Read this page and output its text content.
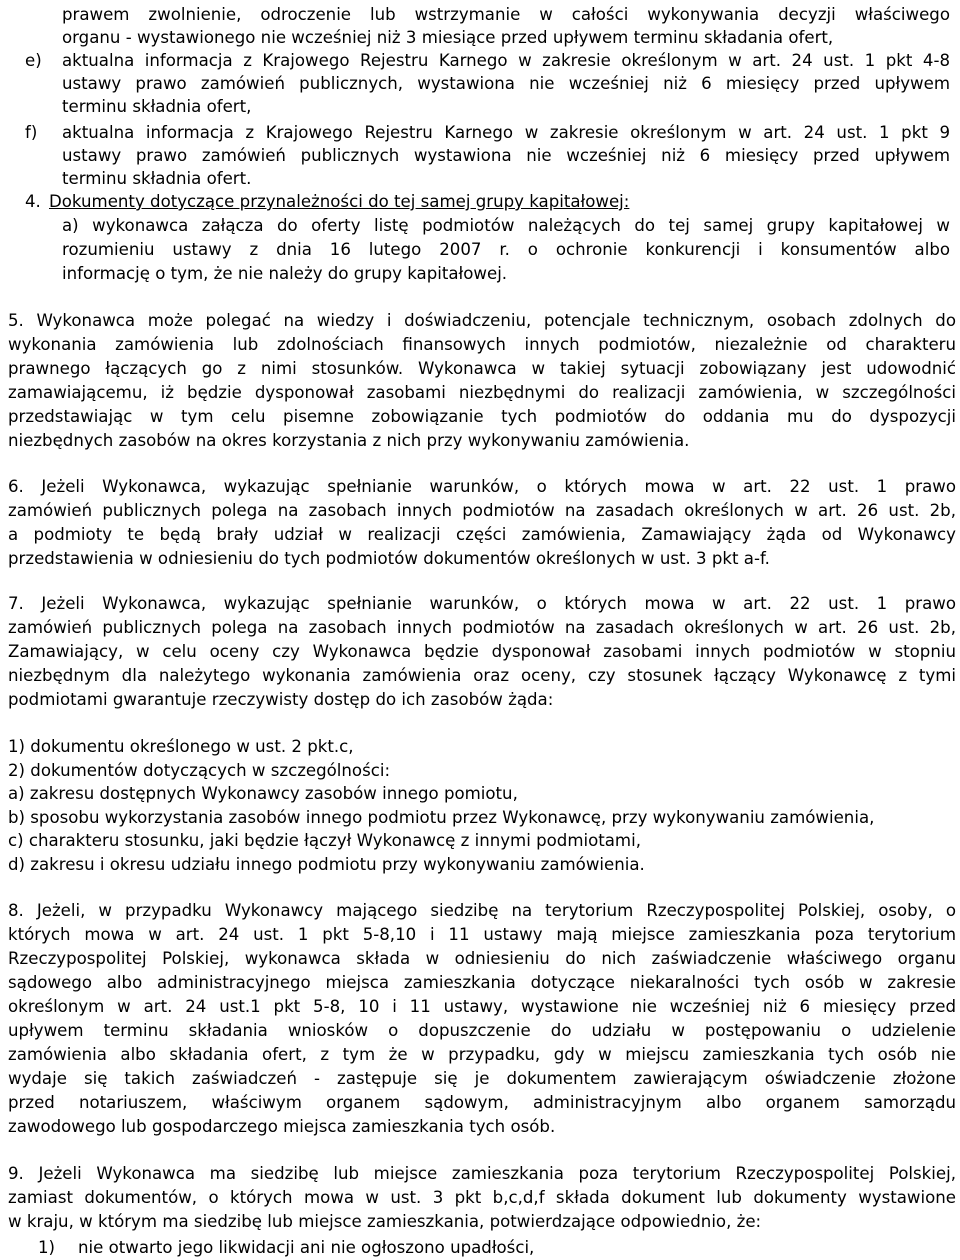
prawem zwolnienie, odroczenie lub wstrzymanie w całości wykonywania decyzji właściwego
organu - wystawionego nie wcześniej niż 3 miesiące przed upływem terminu składania ofert,
e) aktualna informacja z Krajowego Rejestru Karnego w zakresie określonym w art. 24 ust. 1 pkt 4-8
ustawy prawo zamówień publicznych, wystawiona nie wcześniej niż 6 miesięcy przed upływem
terminu składnia ofert,
f) aktualna informacja z Krajowego Rejestru Karnego w zakresie określonym w art. 24 ust. 1 pkt 9
ustawy prawo zamówień publicznych wystawiona nie wcześniej niż 6 miesięcy przed upływem
terminu składnia ofert.
4. Dokumenty dotyczące przynależności do tej samej grupy kapitałowej:
a) wykonawca załącza do oferty listę podmiotów należących do tej samej grupy kapitałowej w
rozumieniu ustawy z dnia 16 lutego 2007 r. o ochronie konkurencji i konsumentów albo
informację o tym, że nie należy do grupy kapitałowej.
5. Wykonawca może polegać na wiedzy i doświadczeniu, potencjale technicznym, osobach zdolnych do
wykonania zamówienia lub zdolnościach finansowych innych podmiotów, niezależnie od charakteru
prawnego łączących go z nimi stosunków. Wykonawca w takiej sytuacji zobowiązany jest udowodnić
zamawiającemu, iż będzie dysponował zasobami niezbędnymi do realizacji zamówienia, w szczególności
przedstawiając w tym celu pisemne zobowiązanie tych podmiotów do oddania mu do dyspozycji
niezbędnych zasobów na okres korzystania z nich przy wykonywaniu zamówienia.
6. Jeżeli Wykonawca, wykazując spełnianie warunków, o których mowa w art. 22 ust. 1 prawo
zamówień publicznych polega na zasobach innych podmiotów na zasadach określonych w art. 26 ust. 2b,
a podmioty te będą brały udział w realizacji części zamówienia, Zamawiający żąda od Wykonawcy
przedstawienia w odniesieniu do tych podmiotów dokumentów określonych w ust. 3 pkt a-f.
7. Jeżeli Wykonawca, wykazując spełnianie warunków, o których mowa w art. 22 ust. 1 prawo
zamówień publicznych polega na zasobach innych podmiotów na zasadach określonych w art. 26 ust. 2b,
Zamawiający, w celu oceny czy Wykonawca będzie dysponował zasobami innych podmiotów w stopniu
niezbędnym dla należytego wykonania zamówienia oraz oceny, czy stosunek łączący Wykonawcę z tymi
podmiotami gwarantuje rzeczywisty dostęp do ich zasobów żąda:
1) dokumentu określonego w ust. 2 pkt.c,
2) dokumentów dotyczących w szczególności:
a) zakresu dostępnych Wykonawcy zasobów innego pomiotu,
b) sposobu wykorzystania zasobów innego podmiotu przez Wykonawcę, przy wykonywaniu zamówienia,
c) charakteru stosunku, jaki będzie łączył Wykonawcę z innymi podmiotami,
d) zakresu i okresu udziału innego podmiotu przy wykonywaniu zamówienia.
8. Jeżeli, w przypadku Wykonawcy mającego siedzibę na terytorium Rzeczypospolitej Polskiej, osoby, o
których mowa w art. 24 ust. 1 pkt 5-8,10 i 11 ustawy mają miejsce zamieszkania poza terytorium
Rzeczypospolitej Polskiej, wykonawca składa w odniesieniu do nich zaświadczenie właściwego organu
sądowego albo administracyjnego miejsca zamieszkania dotyczące niekaralności tych osób w zakresie
określonym w art. 24 ust.1 pkt 5-8, 10 i 11 ustawy, wystawione nie wcześniej niż 6 miesięcy przed
upływem terminu składania wniosków o dopuszczenie do udziału w postępowaniu o udzielenie
zamówienia albo składania ofert, z tym że w przypadku, gdy w miejscu zamieszkania tych osób nie
wydaje się takich zaświadczeń - zastępuje się je dokumentem zawierającym oświadczenie złożone
przed notariuszem, właściwym organem sądowym, administracyjnym albo organem samorządu
zawodowego lub gospodarczego miejsca zamieszkania tych osób.
9. Jeżeli Wykonawca ma siedzibę lub miejsce zamieszkania poza terytorium Rzeczypospolitej Polskiej,
zamiast dokumentów, o których mowa w ust. 3 pkt b,c,d,f składa dokument lub dokumenty wystawione
w kraju, w którym ma siedzibę lub miejsce zamieszkania, potwierdzające odpowiednio, że:
1) nie otwarto jego likwidacji ani nie ogłoszono upadłości,
